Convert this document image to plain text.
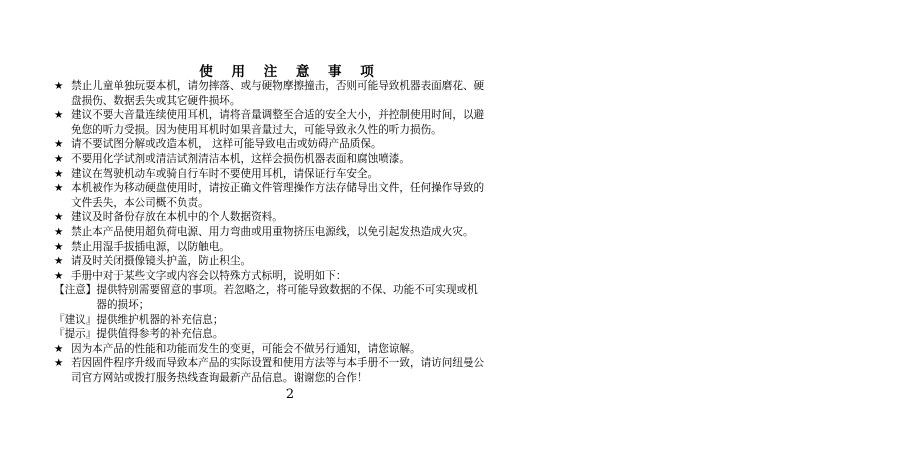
使 用 注 意 事 项
★ 禁止儿童单独玩耍本机，请勿摔落、或与硬物摩擦撞击，否则可能导致机器表面磨花、硬
盘损伤、数据丢失或其它硬件损坏。
★ 建议不要大音量连续使用耳机，请将音量调整至合适的安全大小，并控制使用时间，以避
免您的听力受损。因为使用耳机时如果音量过大，可能导致永久性的听力损伤。
★ 请不要试图分解或改造本机， 这样可能导致电击或妨碍产品质保。
★ 不要用化学试剂或清洁试剂清洁本机，这样会损伤机器表面和腐蚀喷漆。
★ 建议在驾驶机动车或骑自行车时不要使用耳机，请保证行车安全。
★ 本机被作为移动硬盘使用时，请按正确文件管理操作方法存储导出文件，任何操作导致的
文件丢失，本公司概不负责。
★ 建议及时备份存放在本机中的个人数据资料。
★ 禁止本产品使用超负荷电源、用力弯曲或用重物挤压电源线，以免引起发热造成火灾。
★ 禁止用湿手拔插电源，以防触电。
★ 请及时关闭摄像镜头护盖，防止积尘。
★ 手册中对于某些文字或内容会以特殊方式标明，说明如下：
【注意】 提供特别需要留意的事项。若忽略之，将可能导致数据的不保、功能不可实现或机
器的损坏；
『建议』 提供维护机器的补充信息；
『提示』 提供值得参考的补充信息。
★ 因为本产品的性能和功能而发生的变更，可能会不做另行通知，请您谅解。
★ 若因固件程序升级而导致本产品的实际设置和使用方法等与本手册不一致，请访问纽曼公
司官方网站或拨打服务热线查询最新产品信息。谢谢您的合作！
2
